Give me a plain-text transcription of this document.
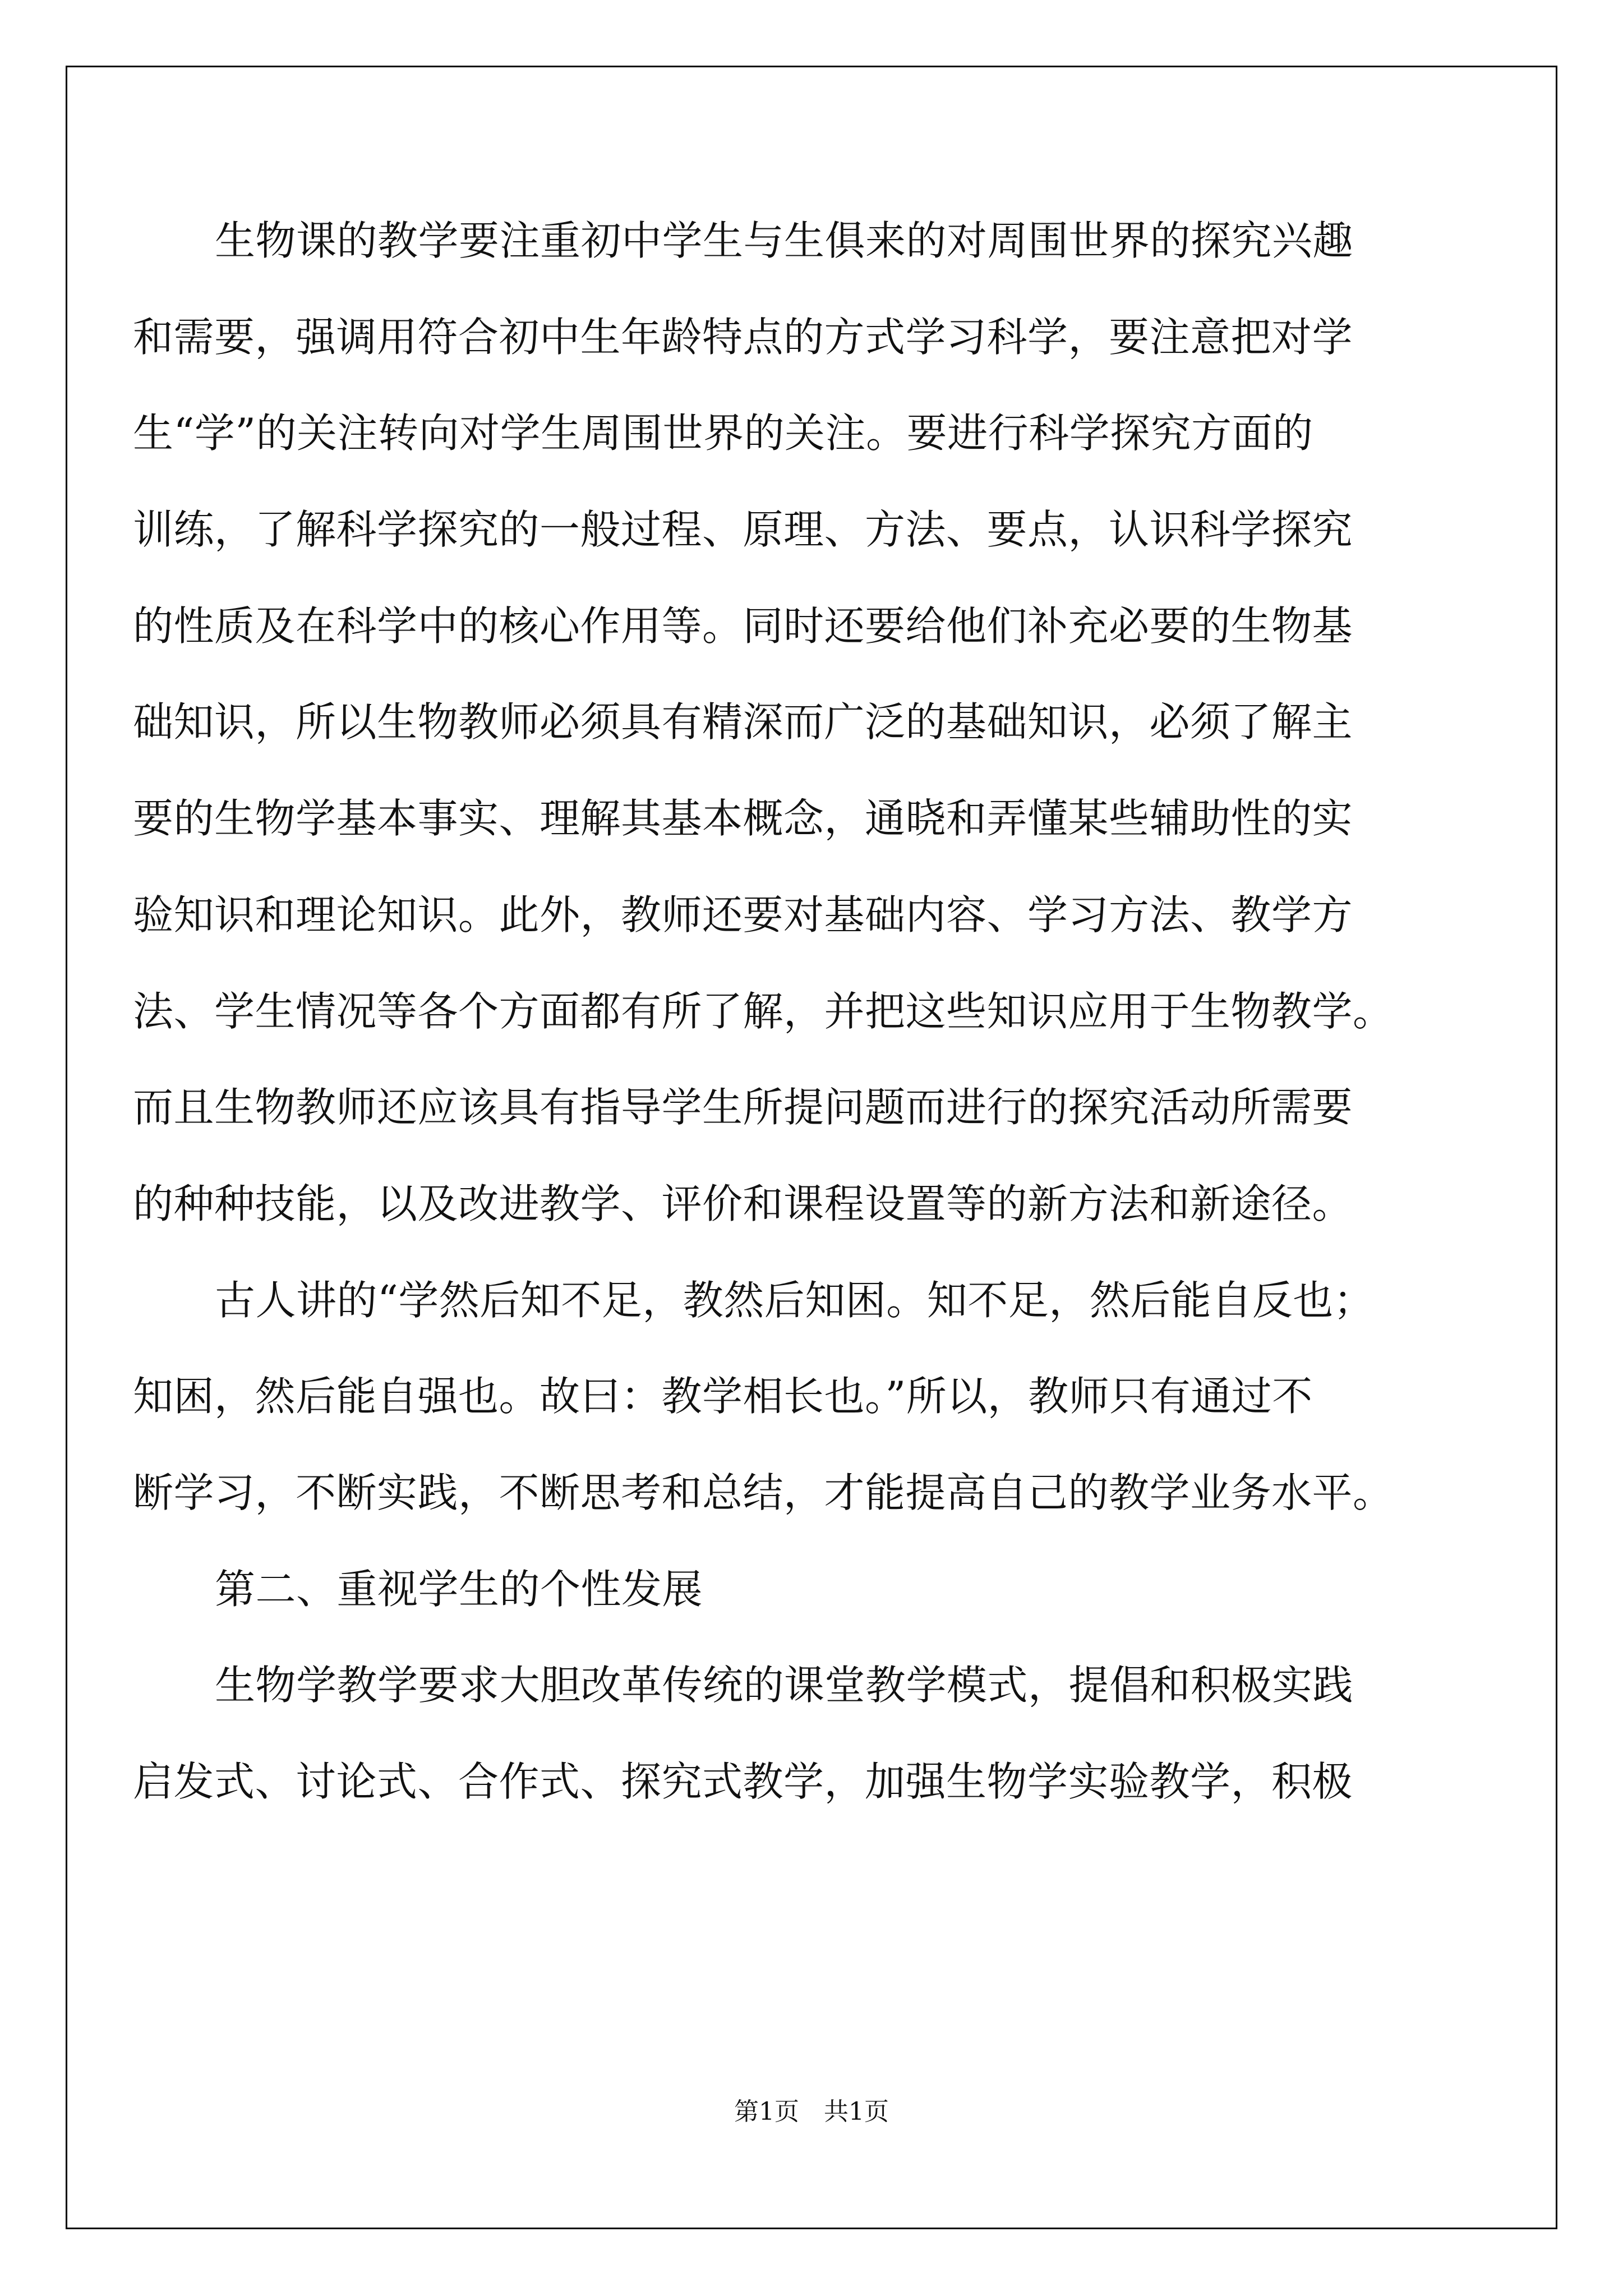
生物课的教学要注重初中学生与生俱来的对周围世界的探究兴趣
和需要，强调用符合初中生年龄特点的方式学习科学，要注意把对学
生“学”的关注转向对学生周围世界的关注。要进行科学探究方面的
训练，了解科学探究的一般过程、原理、方法、要点，认识科学探究
的性质及在科学中的核心作用等。同时还要给他们补充必要的生物基
础知识，所以生物教师必须具有精深而广泛的基础知识，必须了解主
要的生物学基本事实、理解其基本概念，通晓和弄懂某些辅助性的实
验知识和理论知识。此外，教师还要对基础内容、学习方法、教学方
法、学生情况等各个方面都有所了解，并把这些知识应用于生物教学。
而且生物教师还应该具有指导学生所提问题而进行的探究活动所需要
的种种技能，以及改进教学、评价和课程设置等的新方法和新途径。
古人讲的“学然后知不足，教然后知困。知不足，然后能自反也；
知困，然后能自强也。故曰：教学相长也。”所以，教师只有通过不
断学习，不断实践，不断思考和总结，才能提高自己的教学业务水平。
第二、重视学生的个性发展
生物学教学要求大胆改革传统的课堂教学模式，提倡和积极实践
启发式、讨论式、合作式、探究式教学，加强生物学实验教学，积极
第1页　共1页
